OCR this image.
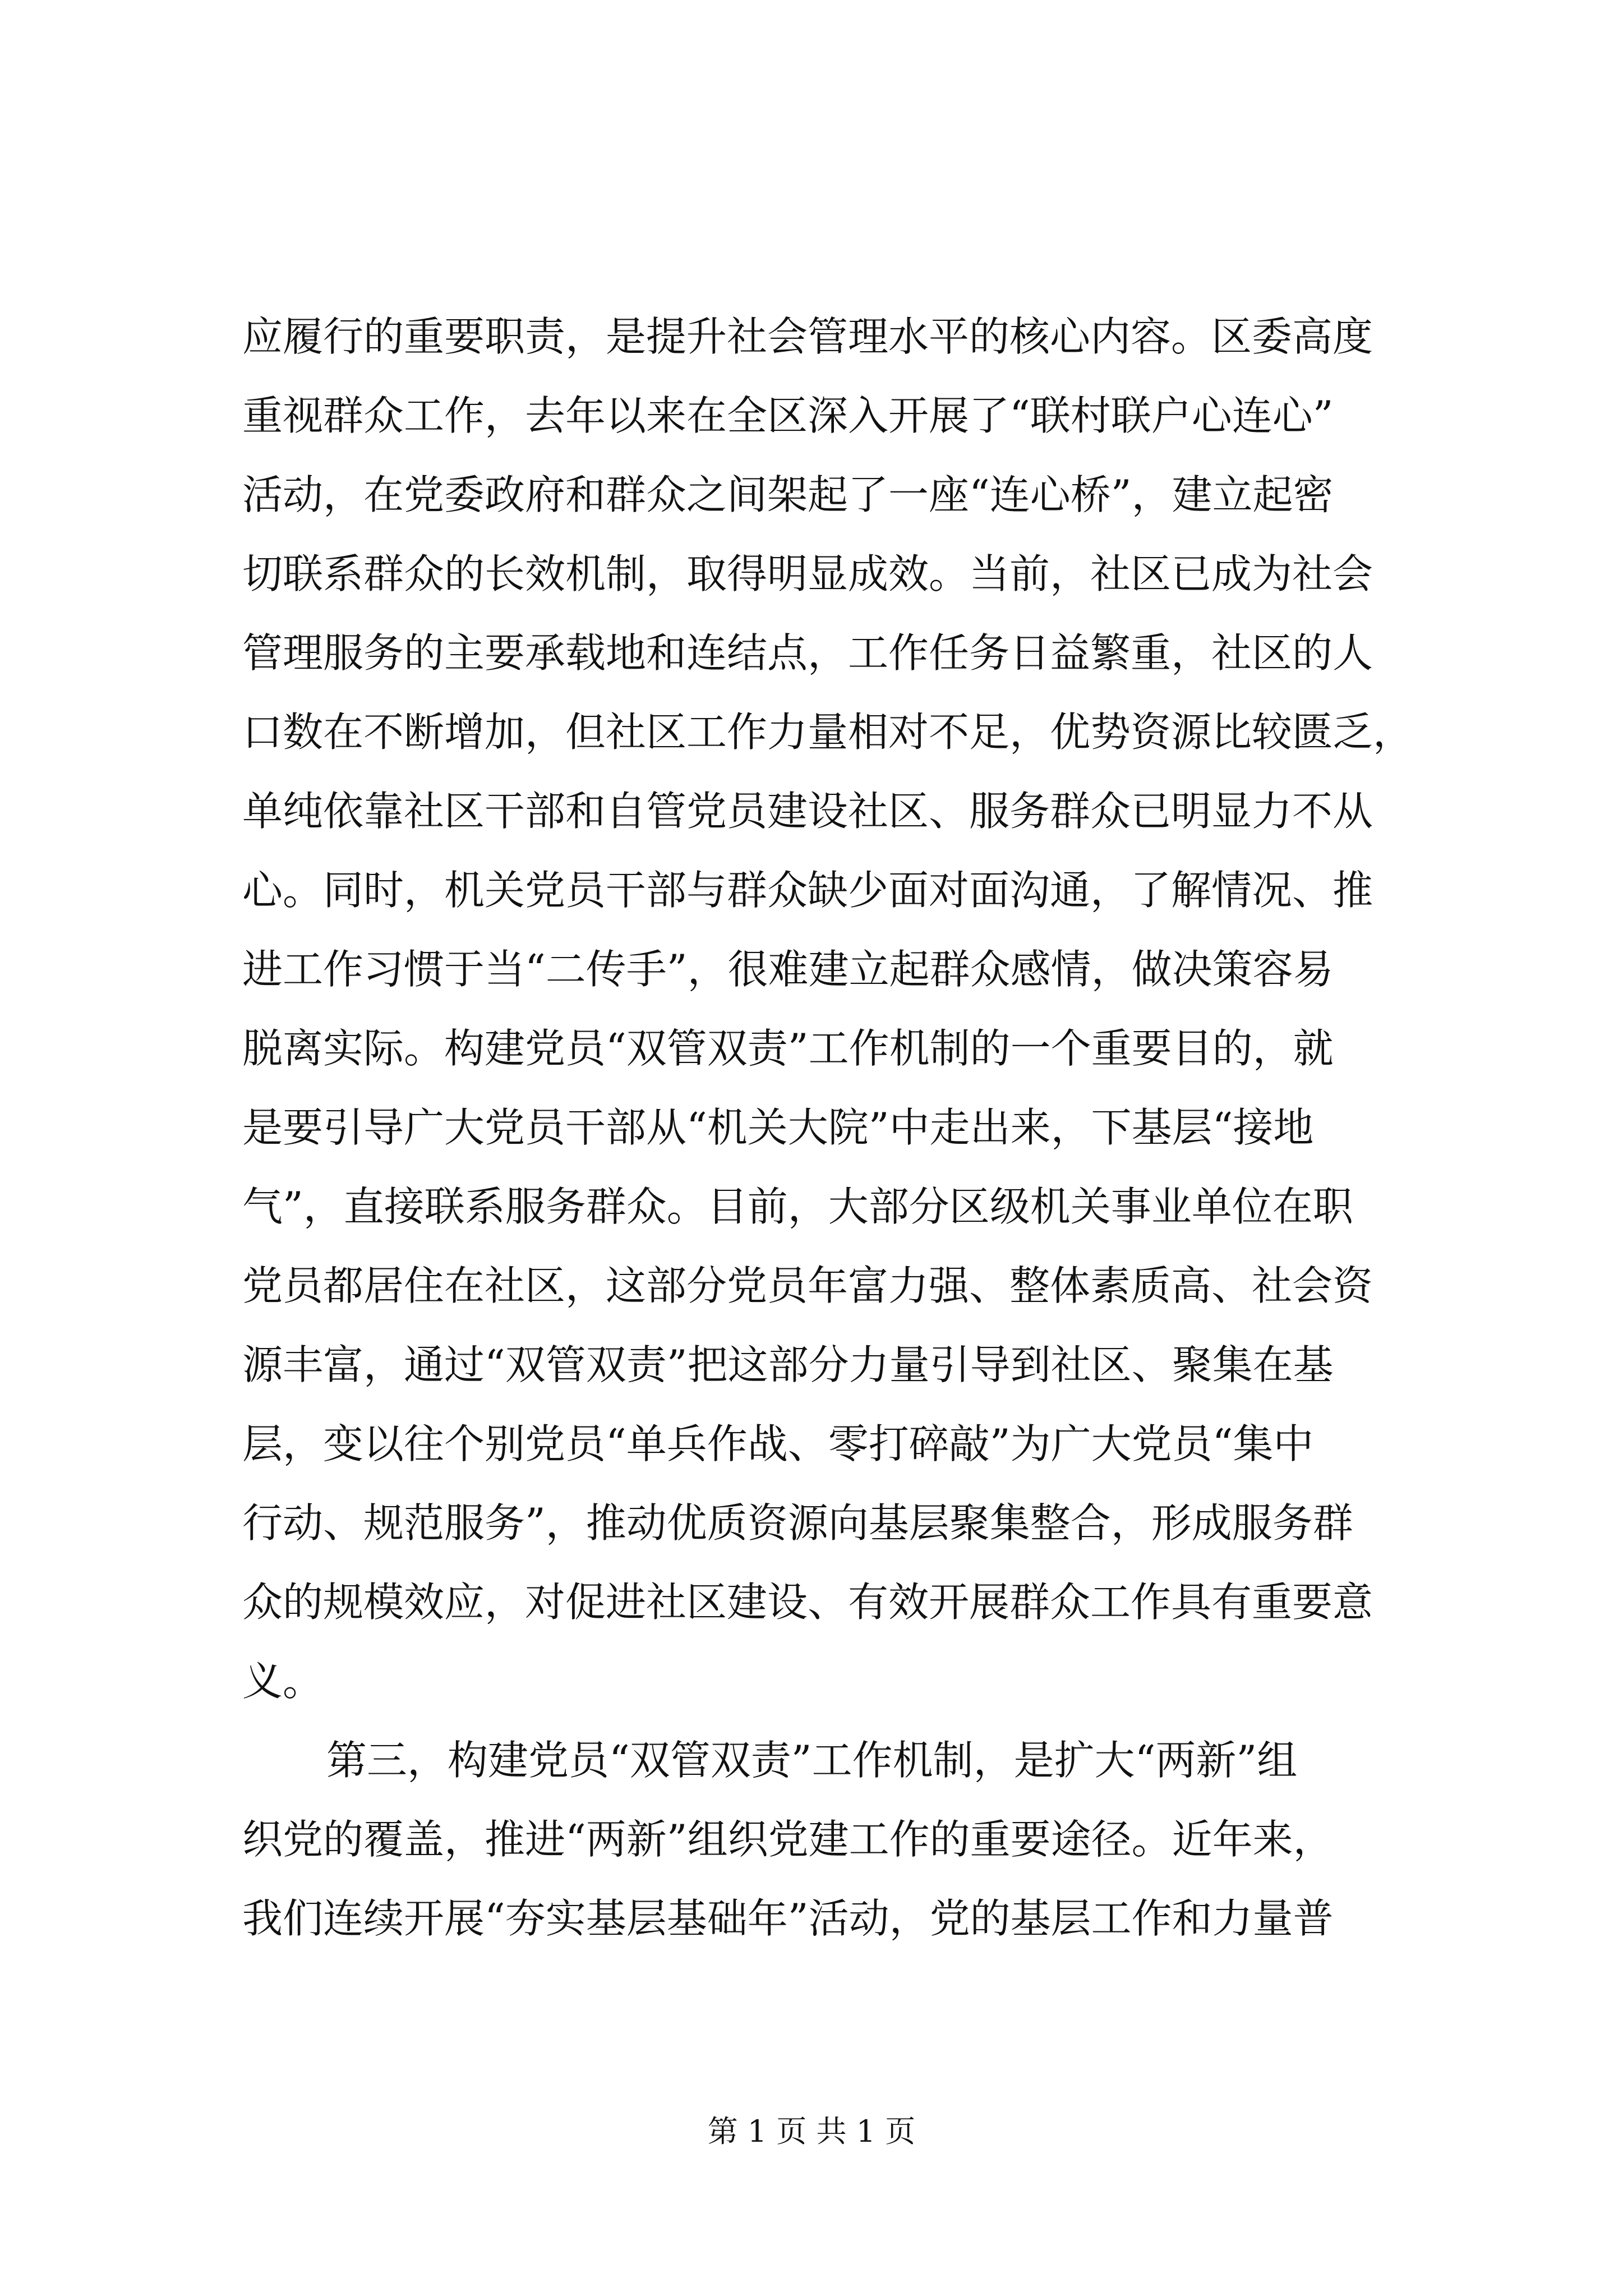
应履行的重要职责，是提升社会管理水平的核心内容。区委高度
重视群众工作，去年以来在全区深入开展了“联村联户心连心”
活动，在党委政府和群众之间架起了一座“连心桥”，建立起密
切联系群众的长效机制，取得明显成效。当前，社区已成为社会
管理服务的主要承载地和连结点，工作任务日益繁重，社区的人
口数在不断增加，但社区工作力量相对不足，优势资源比较匮乏，
单纯依靠社区干部和自管党员建设社区、服务群众已明显力不从
心。同时，机关党员干部与群众缺少面对面沟通，了解情况、推
进工作习惯于当“二传手”，很难建立起群众感情，做决策容易
脱离实际。构建党员“双管双责”工作机制的一个重要目的，就
是要引导广大党员干部从“机关大院”中走出来，下基层“接地
气”，直接联系服务群众。目前，大部分区级机关事业单位在职
党员都居住在社区，这部分党员年富力强、整体素质高、社会资
源丰富，通过“双管双责”把这部分力量引导到社区、聚集在基
层，变以往个别党员“单兵作战、零打碎敲”为广大党员“集中
行动、规范服务”，推动优质资源向基层聚集整合，形成服务群
众的规模效应，对促进社区建设、有效开展群众工作具有重要意
义。
第三，构建党员“双管双责”工作机制，是扩大“两新”组
织党的覆盖，推进“两新”组织党建工作的重要途径。近年来，
我们连续开展“夯实基层基础年”活动，党的基层工作和力量普
第 1 页 共 1 页
